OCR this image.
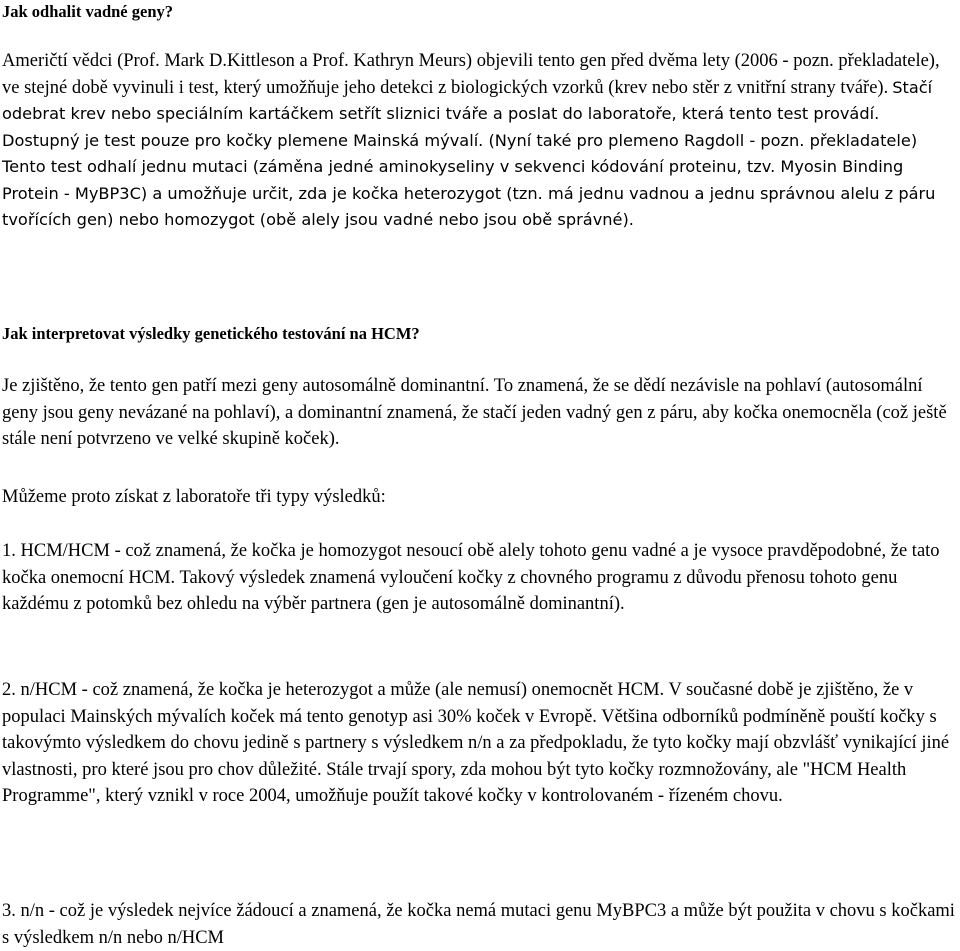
Jak odhalit vadné geny?

Američtí vědci (Prof. Mark D.Kittleson a Prof. Kathryn Meurs) objevili tento gen před dvěma lety (2006 - pozn. překladatele), ve stejné době vyvinuli i test, který umožňuje jeho detekci z biologických vzorků (krev nebo stěr z vnitřní strany tváře). Stačí odebrat krev nebo speciálním kartáčkem setřít sliznici tváře a poslat do laboratoře, která tento test provádí. Dostupný je test pouze pro kočky plemene Mainská mývalí. (Nyní také pro plemeno Ragdoll - pozn. překladatele) Tento test odhalí jednu mutaci (záměna jedné aminokyseliny v sekvenci kódování proteinu, tzv. Myosin Binding Protein - MyBP3C) a umožňuje určit, zda je kočka heterozygot (tzn. má jednu vadnou a jednu správnou alelu z páru tvořících gen) nebo homozygot (obě alely jsou vadné nebo jsou obě správné).

Jak interpretovat výsledky genetického testování na HCM?

Je zjištěno, že tento gen patří mezi geny autosomálně dominantní. To znamená, že se dědí nezávisle na pohlaví (autosomální geny jsou geny nevázané na pohlaví), a dominantní znamená, že stačí jeden vadný gen z páru, aby kočka onemocněla (což ještě stále není potvrzeno ve velké skupině koček).

Můžeme proto získat z laboratoře tři typy výsledků:

1. HCM/HCM - což znamená, že kočka je homozygot nesoucí obě alely tohoto genu vadné a je vysoce pravděpodobné, že tato kočka onemocní HCM. Takový výsledek znamená vyloučení kočky z chovného programu z důvodu přenosu tohoto genu každému z potomků bez ohledu na výběr partnera (gen je autosomálně dominantní).

2. n/HCM - což znamená, že kočka je heterozygot a může (ale nemusí) onemocnět HCM. V současné době je zjištěno, že v populaci Mainských mývalích koček má tento genotyp asi 30% koček v Evropě. Většina odborníků podmíněně pouští kočky s takovýmto výsledkem do chovu jedině s partnery s výsledkem n/n a za předpokladu, že tyto kočky mají obzvlášť vynikající jiné vlastnosti, pro které jsou pro chov důležité. Stále trvají spory, zda mohou být tyto kočky rozmnožovány, ale "HCM Health Programme", který vznikl v roce 2004, umožňuje použít takové kočky v kontrolovaném - řízeném chovu.

3. n/n - což je výsledek nejvíce žádoucí a znamená, že kočka nemá mutaci genu MyBPC3 a může být použita v chovu s kočkami s výsledkem n/n nebo n/HCM
